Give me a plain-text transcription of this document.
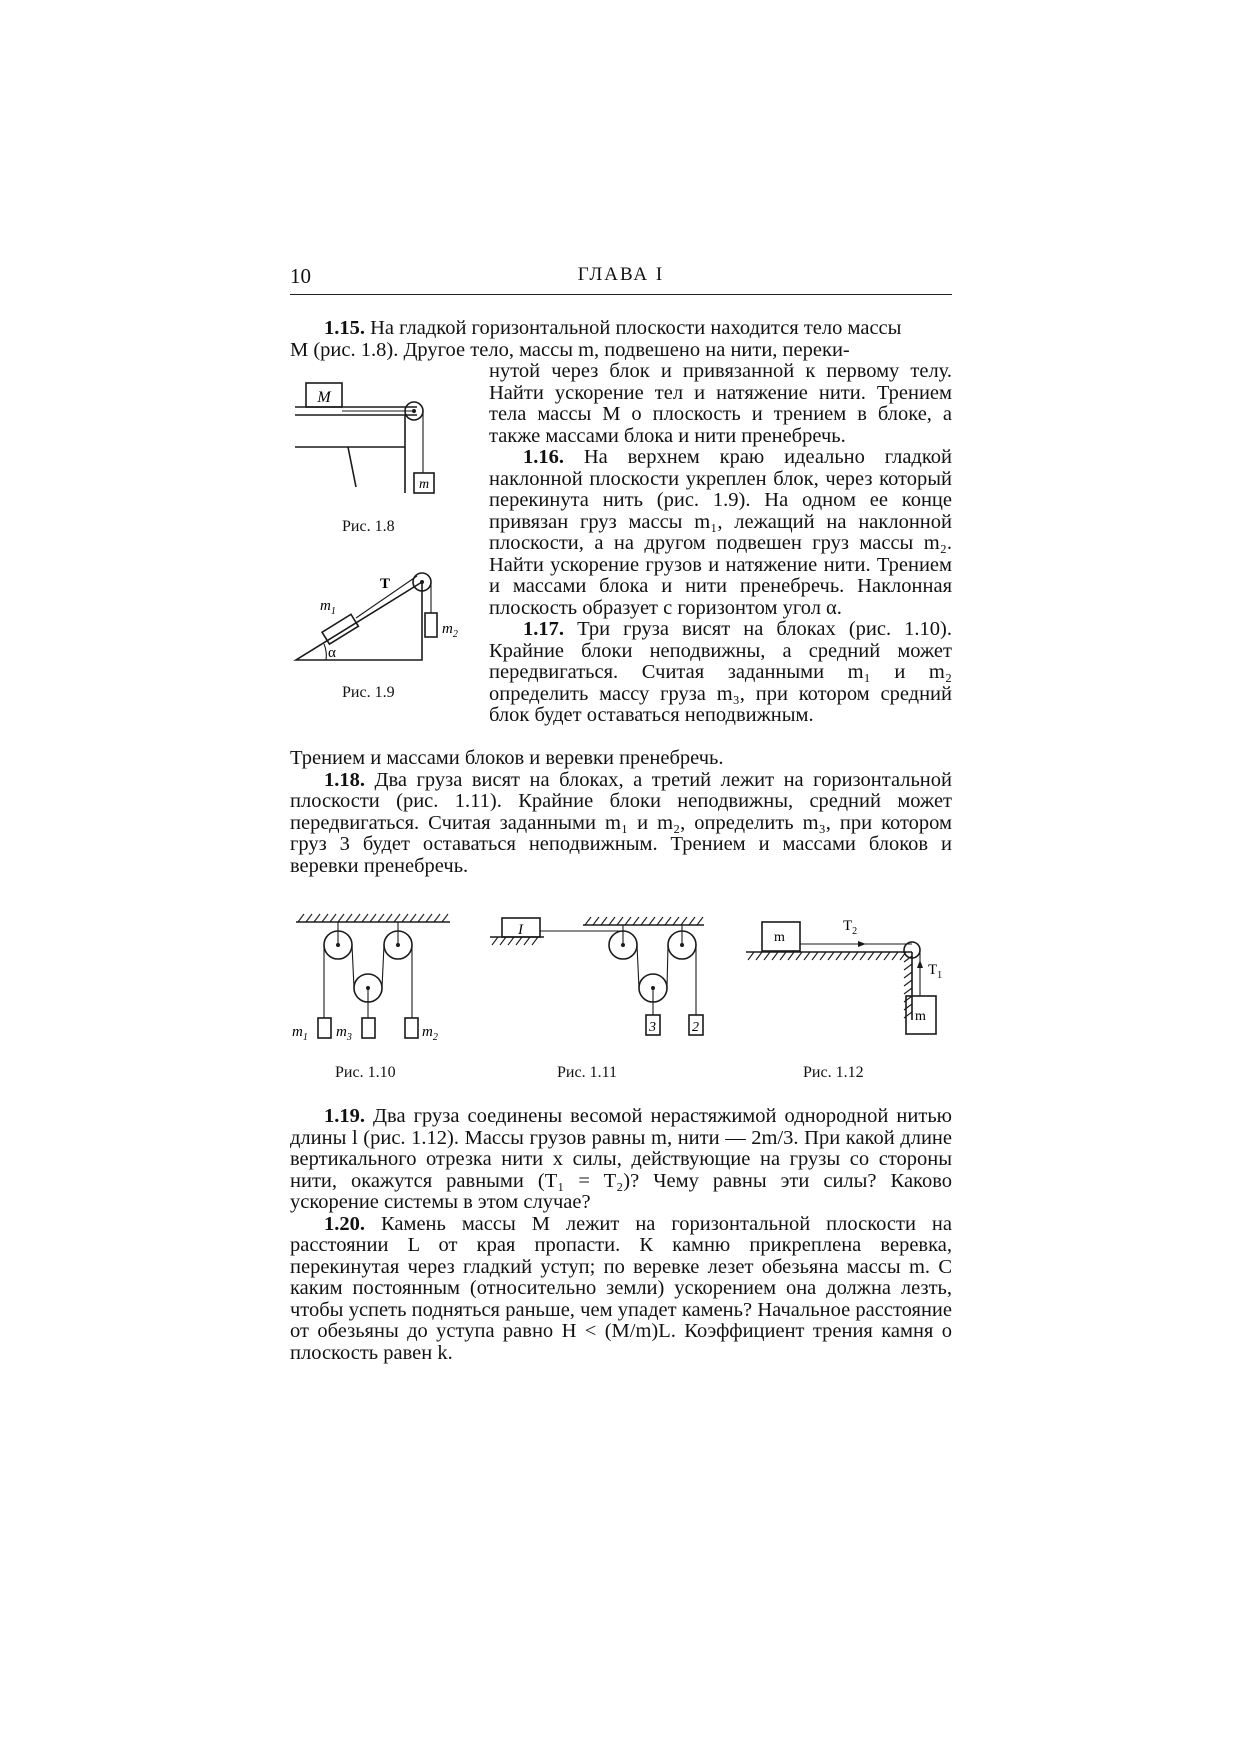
10	ГЛАВА I

1.15. На гладкой горизонтальной плоскости находится тело массы

M (рис. 1.8). Другое тело, массы m, подвешено на нити, переки-

нутой через блок и привязанной к первому телу. Найти ускорение тел и натяжение нити. Трением тела массы M о плоскость и трением в блоке, а также массами блока и нити пренебречь.

1.16. На верхнем краю идеально гладкой наклонной плоскости укреплен блок, через который перекинута нить (рис. 1.9). На одном ее конце привязан груз массы m₁, лежащий на наклонной плоскости, а на другом подвешен груз массы m₂. Найти ускорение грузов и натяжение нити. Трением и массами блока и нити пренебречь. Наклонная плоскость образует с горизонтом угол α.

1.17. Три груза висят на блоках (рис. 1.10). Крайние блоки неподвижны, а средний может передвигаться. Считая заданными m₁ и m₂ определить массу груза m₃, при котором средний блок будет оставаться неподвижным.

Трением и массами блоков и веревки пренебречь.

1.18. Два груза висят на блоках, а третий лежит на горизонтальной плоскости (рис. 1.11). Крайние блоки неподвижны, средний может передвигаться. Считая заданными m₁ и m₂, определить m₃, при котором груз 3 будет оставаться неподвижным. Трением и массами блоков и веревки пренебречь.

1.19. Два груза соединены весомой нерастяжимой однородной нитью длины l (рис. 1.12). Массы грузов равны m, нити — 2m/3. При какой длине вертикального отрезка нити x силы, действующие на грузы со стороны нити, окажутся равными (T₁ = T₂)? Чему равны эти силы? Каково ускорение системы в этом случае?

1.20. Камень массы M лежит на горизонтальной плоскости на расстоянии L от края пропасти. К камню прикреплена веревка, перекинутая через гладкий уступ; по веревке лезет обезьяна массы m. С каким постоянным (относительно земли) ускорением она должна лезть, чтобы успеть подняться раньше, чем упадет камень? Начальное расстояние от обезьяны до уступа равно H < (M/m)L. Коэффициент трения камня о плоскость равен k.

M
m
Рис. 1.8
T
$m_1$
$m_2$
α
Рис. 1.9
$m_1$ $m_3$	$m_2$
Рис. 1.10
I
3	2
Рис. 1.11
m
$T_2$
$T_1$
m
Рис. 1.12
